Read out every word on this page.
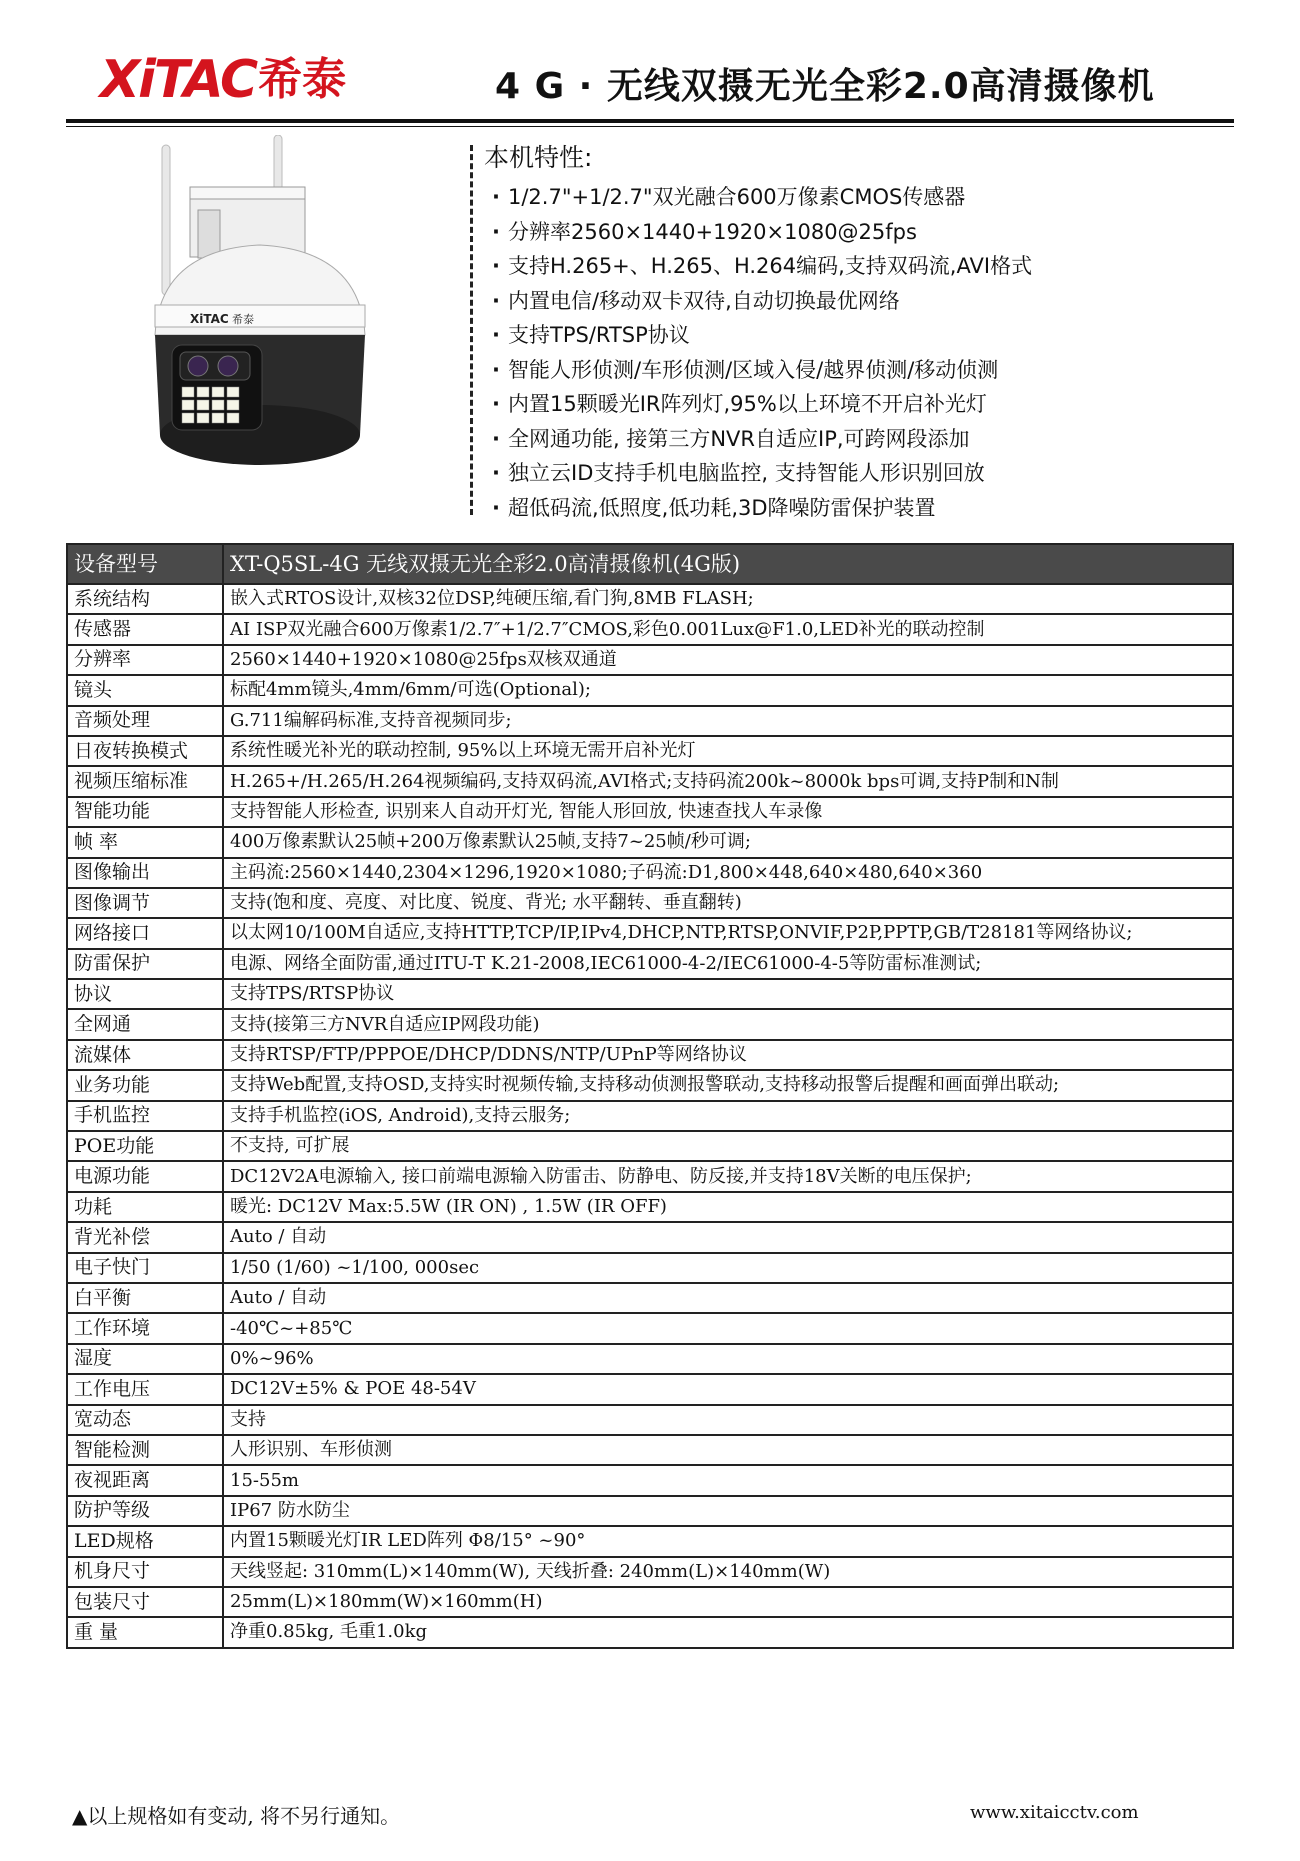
XiTAC 希泰	4 G · 无线双摄无光全彩2.0高清摄像机
XiTAC 希泰
本机特性:
· 1/2.7"+1/2.7"双光融合600万像素CMOS传感器
· 分辨率2560×1440+1920×1080@25fps
· 支持H.265+、H.265、H.264编码,支持双码流,AVI格式
· 内置电信/移动双卡双待,自动切换最优网络
· 支持TPS/RTSP协议
· 智能人形侦测/车形侦测/区域入侵/越界侦测/移动侦测
· 内置15颗暖光IR阵列灯,95%以上环境不开启补光灯
· 全网通功能, 接第三方NVR自适应IP,可跨网段添加
· 独立云ID支持手机电脑监控, 支持智能人形识别回放
· 超低码流,低照度,低功耗,3D降噪防雷保护装置
设备型号	XT-Q5SL-4G 无线双摄无光全彩2.0高清摄像机(4G版)
系统结构	嵌入式RTOS设计,双核32位DSP,纯硬压缩,看门狗,8MB FLASH;
传感器	AI ISP双光融合600万像素1/2.7″+1/2.7″CMOS,彩色0.001Lux@F1.0,LED补光的联动控制
分辨率	2560×1440+1920×1080@25fps双核双通道
镜头	标配4mm镜头,4mm/6mm/可选(Optional);
音频处理	G.711编解码标准,支持音视频同步;
日夜转换模式	系统性暖光补光的联动控制, 95%以上环境无需开启补光灯
视频压缩标准	H.265+/H.265/H.264视频编码,支持双码流,AVI格式;支持码流200k~8000k bps可调,支持P制和N制
智能功能	支持智能人形检查, 识别来人自动开灯光, 智能人形回放, 快速查找人车录像
帧 率	400万像素默认25帧+200万像素默认25帧,支持7~25帧/秒可调;
图像输出	主码流:2560×1440,2304×1296,1920×1080;子码流:D1,800×448,640×480,640×360
图像调节	支持(饱和度、亮度、对比度、锐度、背光; 水平翻转、垂直翻转)
网络接口	以太网10/100M自适应,支持HTTP,TCP/IP,IPv4,DHCP,NTP,RTSP,ONVIF,P2P,PPTP,GB/T28181等网络协议;
防雷保护	电源、网络全面防雷,通过ITU-T K.21-2008,IEC61000-4-2/IEC61000-4-5等防雷标准测试;
协议	支持TPS/RTSP协议
全网通	支持(接第三方NVR自适应IP网段功能)
流媒体	支持RTSP/FTP/PPPOE/DHCP/DDNS/NTP/UPnP等网络协议
业务功能	支持Web配置,支持OSD,支持实时视频传输,支持移动侦测报警联动,支持移动报警后提醒和画面弹出联动;
手机监控	支持手机监控(iOS, Android),支持云服务;
POE功能	不支持, 可扩展
电源功能	DC12V2A电源输入, 接口前端电源输入防雷击、防静电、防反接,并支持18V关断的电压保护;
功耗	暖光: DC12V Max:5.5W (IR ON) , 1.5W (IR OFF)
背光补偿	Auto / 自动
电子快门	1/50 (1/60) ~1/100, 000sec
白平衡	Auto / 自动
工作环境	-40℃~+85℃
湿度	0%~96%
工作电压	DC12V±5% & POE 48-54V
宽动态	支持
智能检测	人形识别、车形侦测
夜视距离	15-55m
防护等级	IP67 防水防尘
LED规格	内置15颗暖光灯IR LED阵列 Φ8/15° ~90°
机身尺寸	天线竖起: 310mm(L)×140mm(W), 天线折叠: 240mm(L)×140mm(W)
包装尺寸	25mm(L)×180mm(W)×160mm(H)
重 量	净重0.85kg, 毛重1.0kg
▲以上规格如有变动, 将不另行通知。	www.xitaicctv.com
